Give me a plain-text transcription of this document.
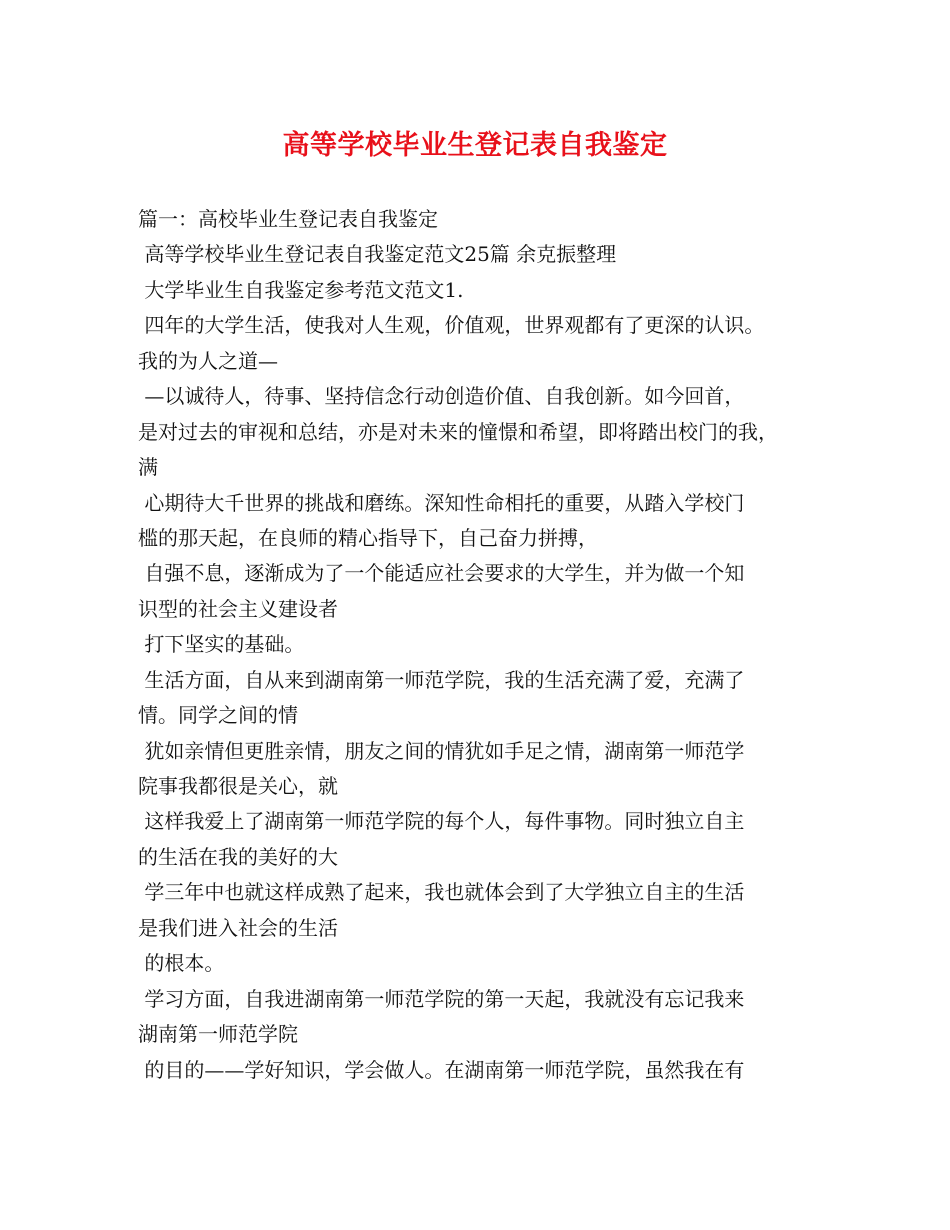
高等学校毕业生登记表自我鉴定
篇一：高校毕业生登记表自我鉴定
高等学校毕业生登记表自我鉴定范文25篇 余克振整理
大学毕业生自我鉴定参考范文范文1.
四年的大学生活，使我对人生观，价值观，世界观都有了更深的认识。
我的为人之道—
—以诚待人，待事、坚持信念行动创造价值、自我创新。如今回首，
是对过去的审视和总结，亦是对未来的憧憬和希望，即将踏出校门的我，
满
心期待大千世界的挑战和磨练。深知性命相托的重要，从踏入学校门
槛的那天起，在良师的精心指导下，自己奋力拼搏，
自强不息，逐渐成为了一个能适应社会要求的大学生，并为做一个知
识型的社会主义建设者
打下坚实的基础。
生活方面，自从来到湖南第一师范学院，我的生活充满了爱，充满了
情。同学之间的情
犹如亲情但更胜亲情，朋友之间的情犹如手足之情，湖南第一师范学
院事我都很是关心，就
这样我爱上了湖南第一师范学院的每个人，每件事物。同时独立自主
的生活在我的美好的大
学三年中也就这样成熟了起来，我也就体会到了大学独立自主的生活
是我们进入社会的生活
的根本。
学习方面，自我进湖南第一师范学院的第一天起，我就没有忘记我来
湖南第一师范学院
的目的——学好知识，学会做人。在湖南第一师范学院，虽然我在有
